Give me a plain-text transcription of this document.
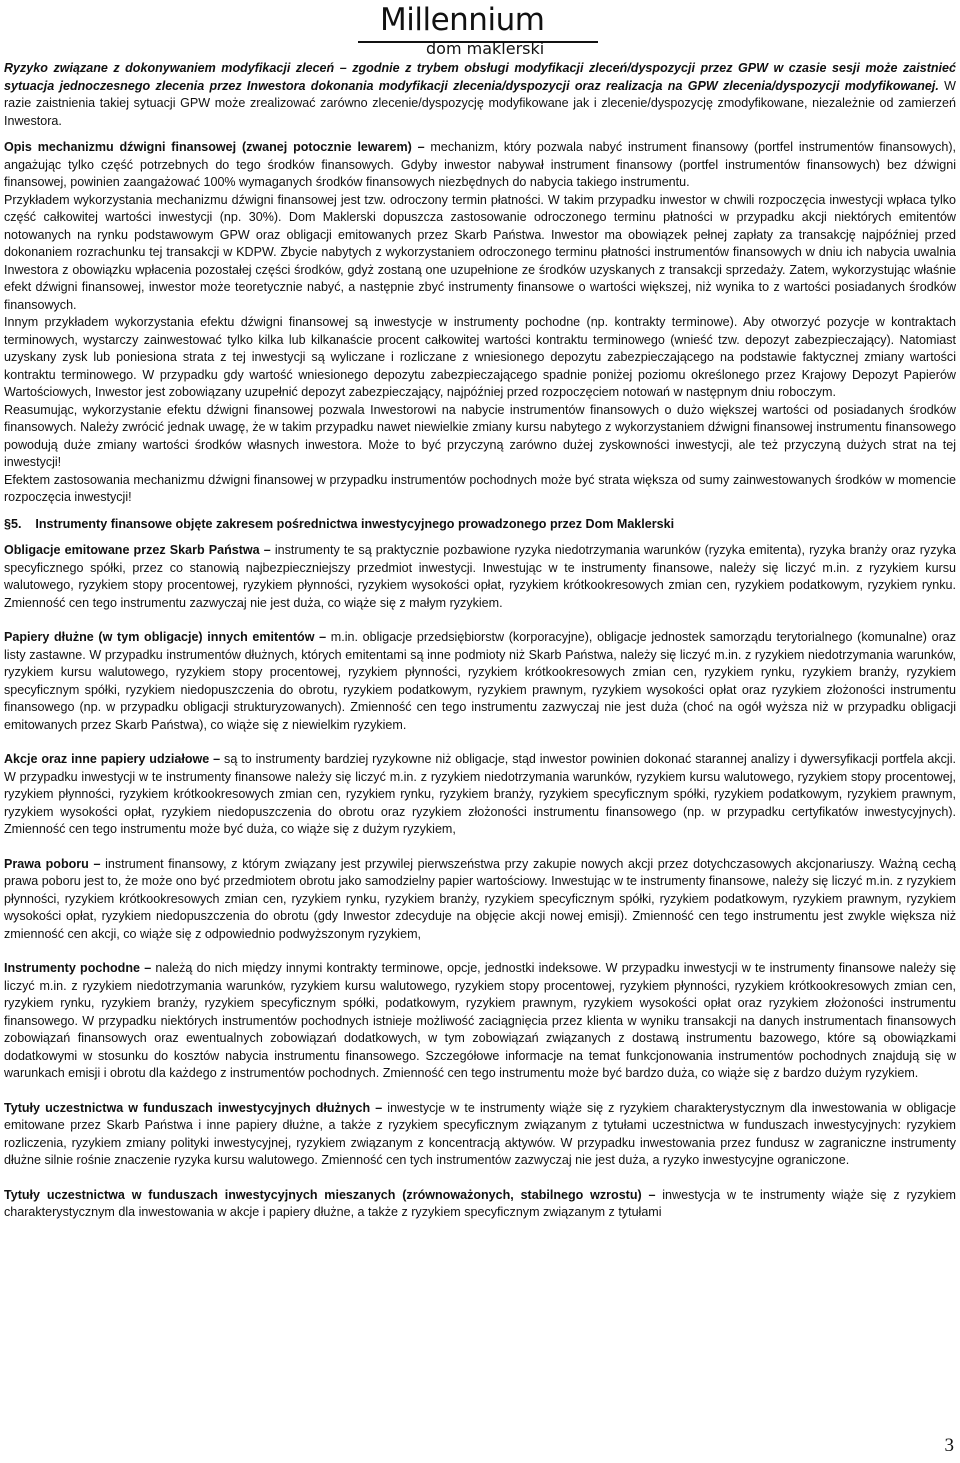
Millennium
dom maklerski

Ryzyko związane z dokonywaniem modyfikacji zleceń – zgodnie z trybem obsługi modyfikacji zleceń/dyspozycji przez GPW w czasie sesji może zaistnieć sytuacja jednoczesnego zlecenia przez Inwestora dokonania modyfikacji zlecenia/dyspozycji oraz realizacja na GPW zlecenia/dyspozycji modyfikowanej. W razie zaistnienia takiej sytuacji GPW może zrealizować zarówno zlecenie/dyspozycję modyfikowane jak i zlecenie/dyspozycję zmodyfikowane, niezależnie od zamierzeń Inwestora.

Opis mechanizmu dźwigni finansowej (zwanej potocznie lewarem) – mechanizm, który pozwala nabyć instrument finansowy (portfel instrumentów finansowych), angażując tylko część potrzebnych do tego środków finansowych. Gdyby inwestor nabywał instrument finansowy (portfel instrumentów finansowych) bez dźwigni finansowej, powinien zaangażować 100% wymaganych środków finansowych niezbędnych do nabycia takiego instrumentu.

Przykładem wykorzystania mechanizmu dźwigni finansowej jest tzw. odroczony termin płatności. W takim przypadku inwestor w chwili rozpoczęcia inwestycji wpłaca tylko część całkowitej wartości inwestycji (np. 30%). Dom Maklerski dopuszcza zastosowanie odroczonego terminu płatności w przypadku akcji niektórych emitentów notowanych na rynku podstawowym GPW oraz obligacji emitowanych przez Skarb Państwa. Inwestor ma obowiązek pełnej zapłaty za transakcję najpóźniej przed dokonaniem rozrachunku tej transakcji w KDPW. Zbycie nabytych z wykorzystaniem odroczonego terminu płatności instrumentów finansowych w dniu ich nabycia uwalnia Inwestora z obowiązku wpłacenia pozostałej części środków, gdyż zostaną one uzupełnione ze środków uzyskanych z transakcji sprzedaży. Zatem, wykorzystując właśnie efekt dźwigni finansowej, inwestor może teoretycznie nabyć, a następnie zbyć instrumenty finansowe o wartości większej, niż wynika to z wartości posiadanych środków finansowych.

Innym przykładem wykorzystania efektu dźwigni finansowej są inwestycje w instrumenty pochodne (np. kontrakty terminowe). Aby otworzyć pozycje w kontraktach terminowych, wystarczy zainwestować tylko kilka lub kilkanaście procent całkowitej wartości kontraktu terminowego (wnieść tzw. depozyt zabezpieczający). Natomiast uzyskany zysk lub poniesiona strata z tej inwestycji są wyliczane i rozliczane z wniesionego depozytu zabezpieczającego na podstawie faktycznej zmiany wartości kontraktu terminowego. W przypadku gdy wartość wniesionego depozytu zabezpieczającego spadnie poniżej poziomu określonego przez Krajowy Depozyt Papierów Wartościowych, Inwestor jest zobowiązany uzupełnić depozyt zabezpieczający, najpóźniej przed rozpoczęciem notowań w następnym dniu roboczym.

Reasumując, wykorzystanie efektu dźwigni finansowej pozwala Inwestorowi na nabycie instrumentów finansowych o dużo większej wartości od posiadanych środków finansowych. Należy zwrócić jednak uwagę, że w takim przypadku nawet niewielkie zmiany kursu nabytego z wykorzystaniem dźwigni finansowej instrumentu finansowego powodują duże zmiany wartości środków własnych inwestora. Może to być przyczyną zarówno dużej zyskowności inwestycji, ale też przyczyną dużych strat na tej inwestycji!

Efektem zastosowania mechanizmu dźwigni finansowej w przypadku instrumentów pochodnych może być strata większa od sumy zainwestowanych środków w momencie rozpoczęcia inwestycji!

§5. Instrumenty finansowe objęte zakresem pośrednictwa inwestycyjnego prowadzonego przez Dom Maklerski

Obligacje emitowane przez Skarb Państwa – instrumenty te są praktycznie pozbawione ryzyka niedotrzymania warunków (ryzyka emitenta), ryzyka branży oraz ryzyka specyficznego spółki, przez co stanowią najbezpieczniejszy przedmiot inwestycji. Inwestując w te instrumenty finansowe, należy się liczyć m.in. z ryzykiem kursu walutowego, ryzykiem stopy procentowej, ryzykiem płynności, ryzykiem wysokości opłat, ryzykiem krótkookresowych zmian cen, ryzykiem podatkowym, ryzykiem rynku. Zmienność cen tego instrumentu zazwyczaj nie jest duża, co wiąże się z małym ryzykiem.

Papiery dłużne (w tym obligacje) innych emitentów – m.in. obligacje przedsiębiorstw (korporacyjne), obligacje jednostek samorządu terytorialnego (komunalne) oraz listy zastawne. W przypadku instrumentów dłużnych, których emitentami są inne podmioty niż Skarb Państwa, należy się liczyć m.in. z ryzykiem niedotrzymania warunków, ryzykiem kursu walutowego, ryzykiem stopy procentowej, ryzykiem płynności, ryzykiem krótkookresowych zmian cen, ryzykiem rynku, ryzykiem branży, ryzykiem specyficznym spółki, ryzykiem niedopuszczenia do obrotu, ryzykiem podatkowym, ryzykiem prawnym, ryzykiem wysokości opłat oraz ryzykiem złożoności instrumentu finansowego (np. w przypadku obligacji strukturyzowanych). Zmienność cen tego instrumentu zazwyczaj nie jest duża (choć na ogół wyższa niż w przypadku obligacji emitowanych przez Skarb Państwa), co wiąże się z niewielkim ryzykiem.

Akcje oraz inne papiery udziałowe – są to instrumenty bardziej ryzykowne niż obligacje, stąd inwestor powinien dokonać starannej analizy i dywersyfikacji portfela akcji. W przypadku inwestycji w te instrumenty finansowe należy się liczyć m.in. z ryzykiem niedotrzymania warunków, ryzykiem kursu walutowego, ryzykiem stopy procentowej, ryzykiem płynności, ryzykiem krótkookresowych zmian cen, ryzykiem rynku, ryzykiem branży, ryzykiem specyficznym spółki, ryzykiem podatkowym, ryzykiem prawnym, ryzykiem wysokości opłat, ryzykiem niedopuszczenia do obrotu oraz ryzykiem złożoności instrumentu finansowego (np. w przypadku certyfikatów inwestycyjnych). Zmienność cen tego instrumentu może być duża, co wiąże się z dużym ryzykiem,

Prawa poboru – instrument finansowy, z którym związany jest przywilej pierwszeństwa przy zakupie nowych akcji przez dotychczasowych akcjonariuszy. Ważną cechą prawa poboru jest to, że może ono być przedmiotem obrotu jako samodzielny papier wartościowy. Inwestując w te instrumenty finansowe, należy się liczyć m.in. z ryzykiem płynności, ryzykiem krótkookresowych zmian cen, ryzykiem rynku, ryzykiem branży, ryzykiem specyficznym spółki, ryzykiem podatkowym, ryzykiem prawnym, ryzykiem wysokości opłat, ryzykiem niedopuszczenia do obrotu (gdy Inwestor zdecyduje na objęcie akcji nowej emisji). Zmienność cen tego instrumentu jest zwykle większa niż zmienność cen akcji, co wiąże się z odpowiednio podwyższonym ryzykiem,

Instrumenty pochodne – należą do nich między innymi kontrakty terminowe, opcje, jednostki indeksowe. W przypadku inwestycji w te instrumenty finansowe należy się liczyć m.in. z ryzykiem niedotrzymania warunków, ryzykiem kursu walutowego, ryzykiem stopy procentowej, ryzykiem płynności, ryzykiem krótkookresowych zmian cen, ryzykiem rynku, ryzykiem branży, ryzykiem specyficznym spółki, podatkowym, ryzykiem prawnym, ryzykiem wysokości opłat oraz ryzykiem złożoności instrumentu finansowego. W przypadku niektórych instrumentów pochodnych istnieje możliwość zaciągnięcia przez klienta w wyniku transakcji na danych instrumentach finansowych zobowiązań finansowych oraz ewentualnych zobowiązań dodatkowych, w tym zobowiązań związanych z dostawą instrumentu bazowego, które są obowiązkami dodatkowymi w stosunku do kosztów nabycia instrumentu finansowego. Szczegółowe informacje na temat funkcjonowania instrumentów pochodnych znajdują się w warunkach emisji i obrotu dla każdego z instrumentów pochodnych. Zmienność cen tego instrumentu może być bardzo duża, co wiąże się z bardzo dużym ryzykiem.

Tytuły uczestnictwa w funduszach inwestycyjnych dłużnych – inwestycje w te instrumenty wiąże się z ryzykiem charakterystycznym dla inwestowania w obligacje emitowane przez Skarb Państwa i inne papiery dłużne, a także z ryzykiem specyficznym związanym z tytułami uczestnictwa w funduszach inwestycyjnych: ryzykiem rozliczenia, ryzykiem zmiany polityki inwestycyjnej, ryzykiem związanym z koncentracją aktywów. W przypadku inwestowania przez fundusz w zagraniczne instrumenty dłużne silnie rośnie znaczenie ryzyka kursu walutowego. Zmienność cen tych instrumentów zazwyczaj nie jest duża, a ryzyko inwestycyjne ograniczone.

Tytuły uczestnictwa w funduszach inwestycyjnych mieszanych (zrównoważonych, stabilnego wzrostu) – inwestycja w te instrumenty wiąże się z ryzykiem charakterystycznym dla inwestowania w akcje i papiery dłużne, a także z ryzykiem specyficznym związanym z tytułami

3
